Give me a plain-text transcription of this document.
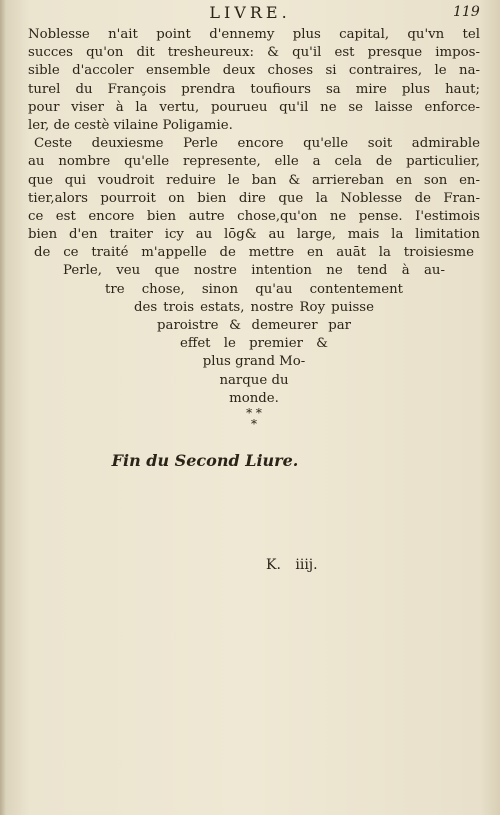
LIVRE.	119
Noblesse n'ait point d'ennemy plus capital, qu'vn tel
succes qu'on dit tresheureux: & qu'il est presque impos-
sible d'accoler ensemble deux choses si contraires, le na-
turel du François prendra toufiours sa mire plus haut;
pour viser à la vertu, pourueu qu'il ne se laisse enforce-
ler, de cestè vilaine Poligamie.
Ceste deuxiesme Perle encore qu'elle soit admirable
au nombre qu'elle represente, elle a cela de particulier,
que qui voudroit reduire le ban & arriereban en son en-
tier,alors pourroit on bien dire que la Noblesse de Fran-
ce est encore bien autre chose,qu'on ne pense. I'estimois
bien d'en traiter icy au lōg& au large, mais la limitation
de ce traité m'appelle de mettre en auāt la troisiesme
Perle, veu que nostre intention ne tend à au-
tre chose, sinon qu'au contentement
des trois estats, nostre Roy puisse
paroistre & demeurer par
effet le premier &
plus grand Mo-
narque du
monde.
* *
*
Fin du Second Liure.
K. iiij.
